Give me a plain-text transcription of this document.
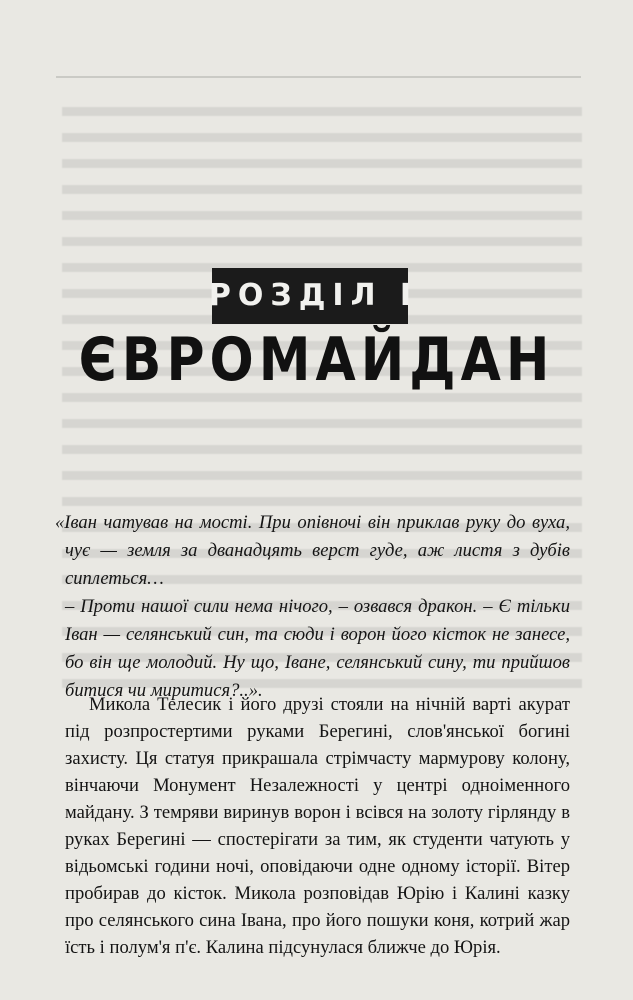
РОЗДІЛ I
ЄВРОМАЙДАН

«Іван чатував на мості. При опівночі він приклав руку до вуха, чує — земля за дванадцять верст гуде, аж листя з дубів сиплеться…

– Проти нашої сили нема нічого, – озвався дракон. – Є тільки Іван — селянський син, та сюди і ворон його кісток не занесе, бо він ще молодий. Ну що, Іване, селянський сину, ти прийшов битися чи миритися?..».

Микола Телесик і його друзі стояли на нічній варті акурат під розпростертими руками Берегині, слов'янської богині захисту. Ця статуя прикрашала стрімчасту мармурову колону, вінчаючи Монумент Незалежності у центрі одноіменного майдану. З темряви виринув ворон і всівся на золоту гірлянду в руках Берегині — спостерігати за тим, як студенти чатують у відьомські години ночі, оповідаючи одне одному історії. Вітер пробирав до кісток. Микола розповідав Юрію і Калині казку про селянського сина Івана, про його пошуки коня, котрий жар їсть і полум'я п'є. Калина підсунулася ближче до Юрія.
